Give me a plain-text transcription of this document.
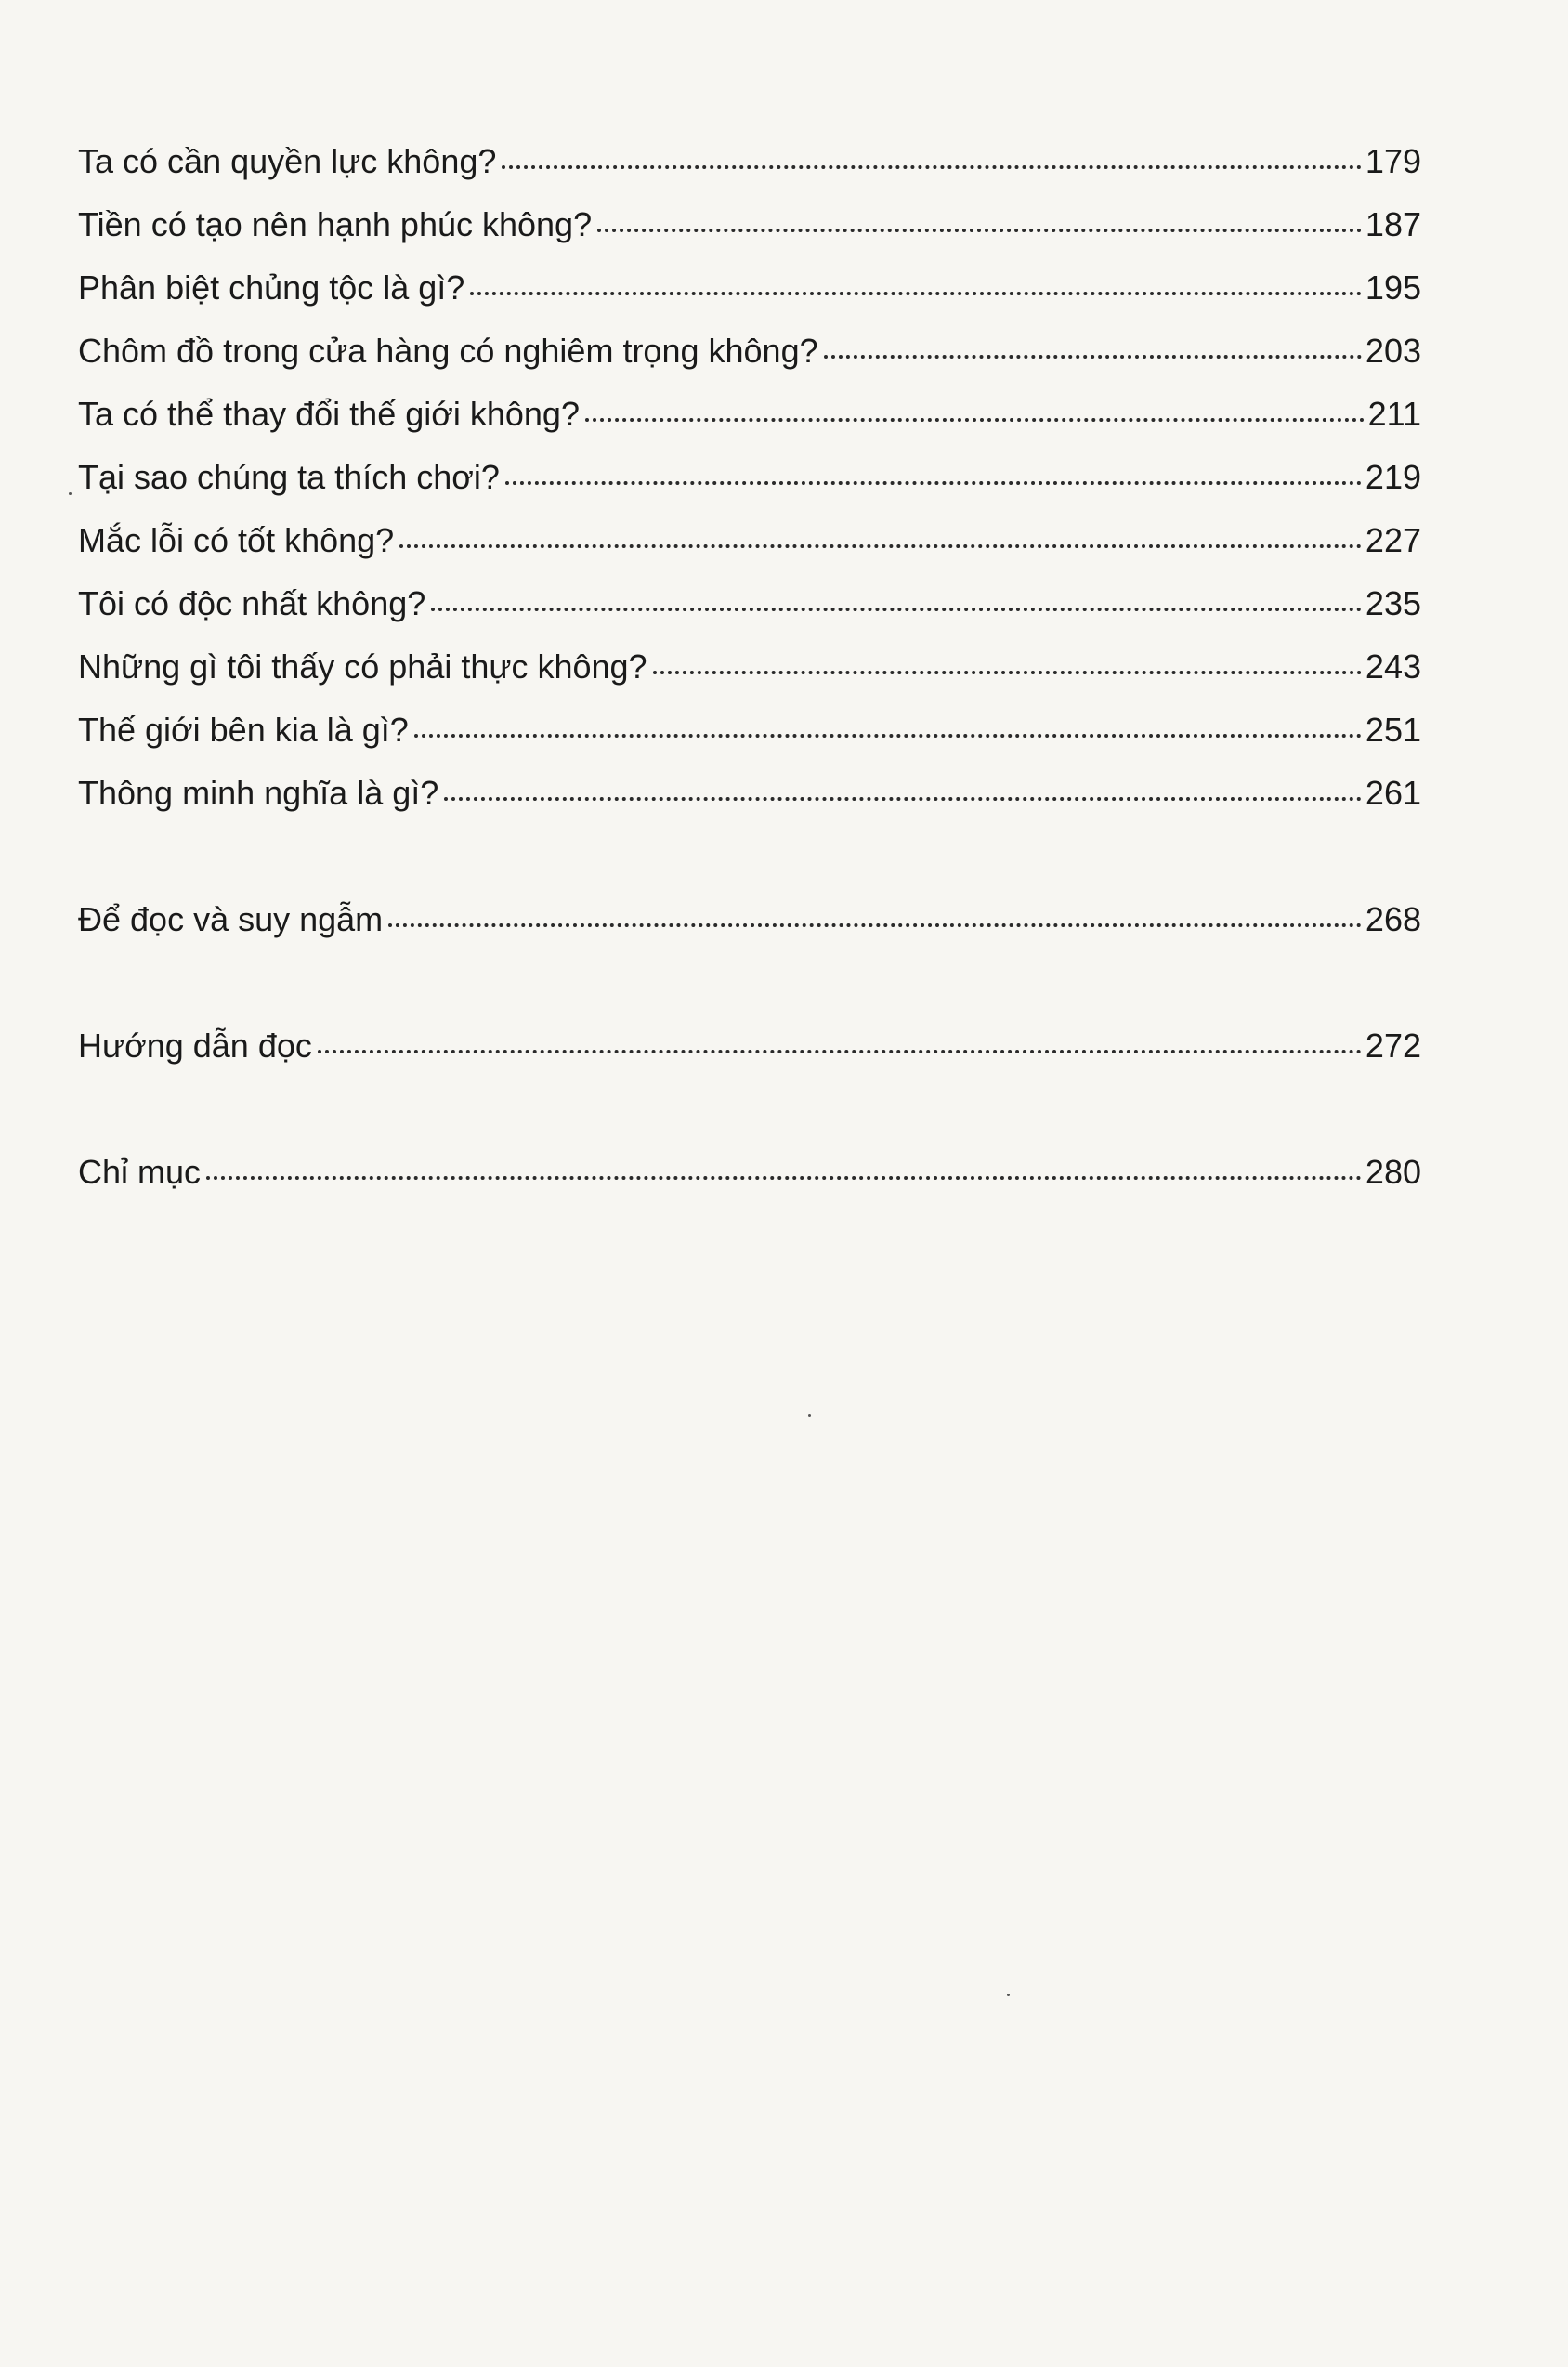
Ta có cần quyền lực không?	179
Tiền có tạo nên hạnh phúc không?	187
Phân biệt chủng tộc là gì?	195
Chôm đồ trong cửa hàng có nghiêm trọng không?	203
Ta có thể thay đổi thế giới không?	211
Tại sao chúng ta thích chơi?	219
Mắc lỗi có tốt không?	227
Tôi có độc nhất không?	235
Những gì tôi thấy có phải thực không?	243
Thế giới bên kia là gì?	251
Thông minh nghĩa là gì?	261
Để đọc và suy ngẫm	268
Hướng dẫn đọc	272
Chỉ mục	280
